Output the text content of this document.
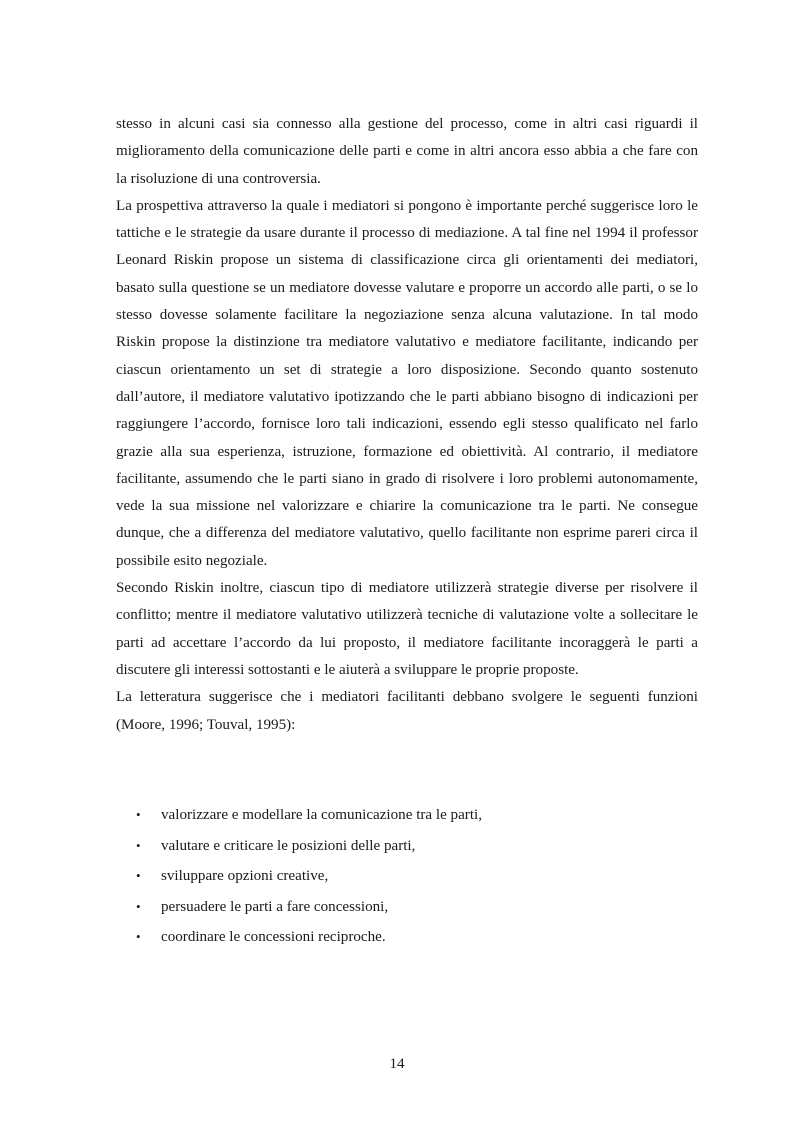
stesso in alcuni casi sia connesso alla gestione del processo, come in altri casi riguardi il miglioramento della comunicazione delle parti e come in altri ancora esso abbia a che fare con la risoluzione di una controversia.

La prospettiva attraverso la quale i mediatori si pongono è importante perché suggerisce loro le tattiche e le strategie da usare durante il processo di mediazione. A tal fine nel 1994 il professor Leonard Riskin propose un sistema di classificazione circa gli orientamenti dei mediatori, basato sulla questione se un mediatore dovesse valutare e proporre un accordo alle parti, o se lo stesso dovesse solamente facilitare la negoziazione senza alcuna valutazione. In tal modo Riskin propose la distinzione tra mediatore valutativo e mediatore facilitante, indicando per ciascun orientamento un set di strategie a loro disposizione. Secondo quanto sostenuto dall’autore, il mediatore valutativo ipotizzando che le parti abbiano bisogno di indicazioni per raggiungere l’accordo, fornisce loro tali indicazioni, essendo egli stesso qualificato nel farlo grazie alla sua esperienza, istruzione, formazione ed obiettività. Al contrario, il mediatore facilitante, assumendo che le parti siano in grado di risolvere i loro problemi autonomamente, vede la sua missione nel valorizzare e chiarire la comunicazione tra le parti. Ne consegue dunque, che a differenza del mediatore valutativo, quello facilitante non esprime pareri circa il possibile esito negoziale.

Secondo Riskin inoltre, ciascun tipo di mediatore utilizzerà strategie diverse per risolvere il conflitto; mentre il mediatore valutativo utilizzerà tecniche di valutazione volte a sollecitare le parti ad accettare l’accordo da lui proposto, il mediatore facilitante incoraggerà le parti a discutere gli interessi sottostanti e le aiuterà a sviluppare le proprie proposte.

La letteratura suggerisce che i mediatori facilitanti debbano svolgere le seguenti funzioni (Moore, 1996; Touval, 1995):

•	valorizzare e modellare la comunicazione tra le parti,
•	valutare e criticare le posizioni delle parti,
•	sviluppare opzioni creative,
•	persuadere le parti a fare concessioni,
•	coordinare le concessioni reciproche.
14
